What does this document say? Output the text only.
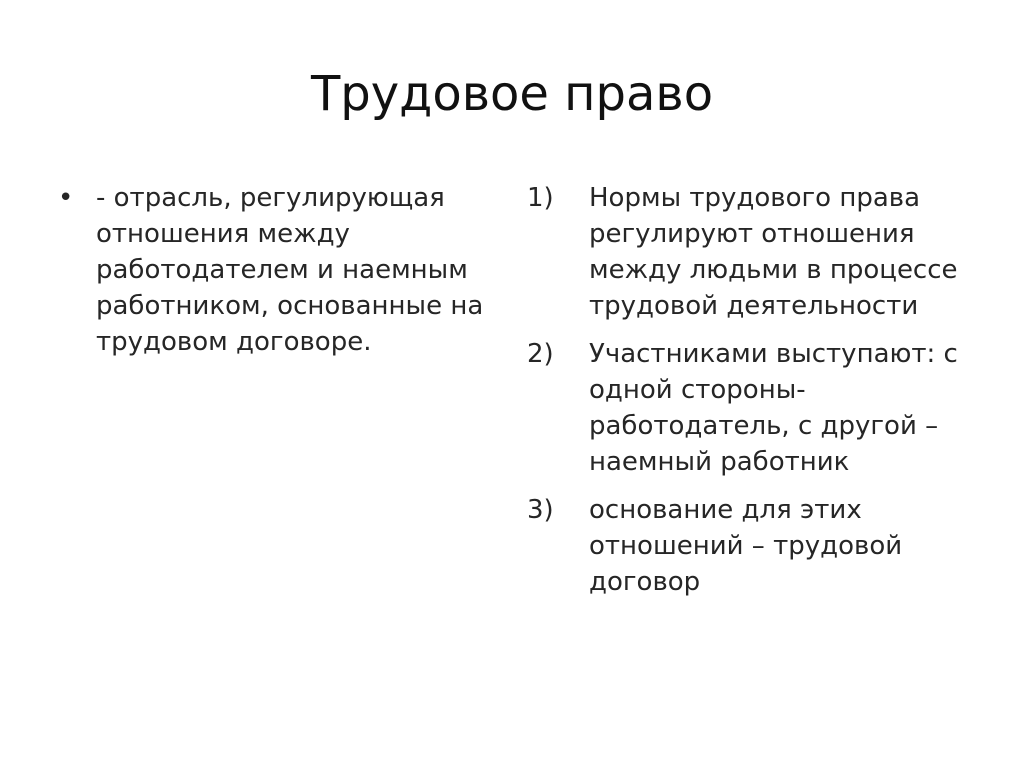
Трудовое право
• - отрасль, регулирующая отношения между работодателем и наемным работником, основанные на трудовом договоре.
1)	Нормы трудового права регулируют отношения между людьми в процессе трудовой деятельности
2)	Участниками выступают: с одной стороны- работодатель, с другой – наемный работник
3)	основание для этих отношений – трудовой договор
